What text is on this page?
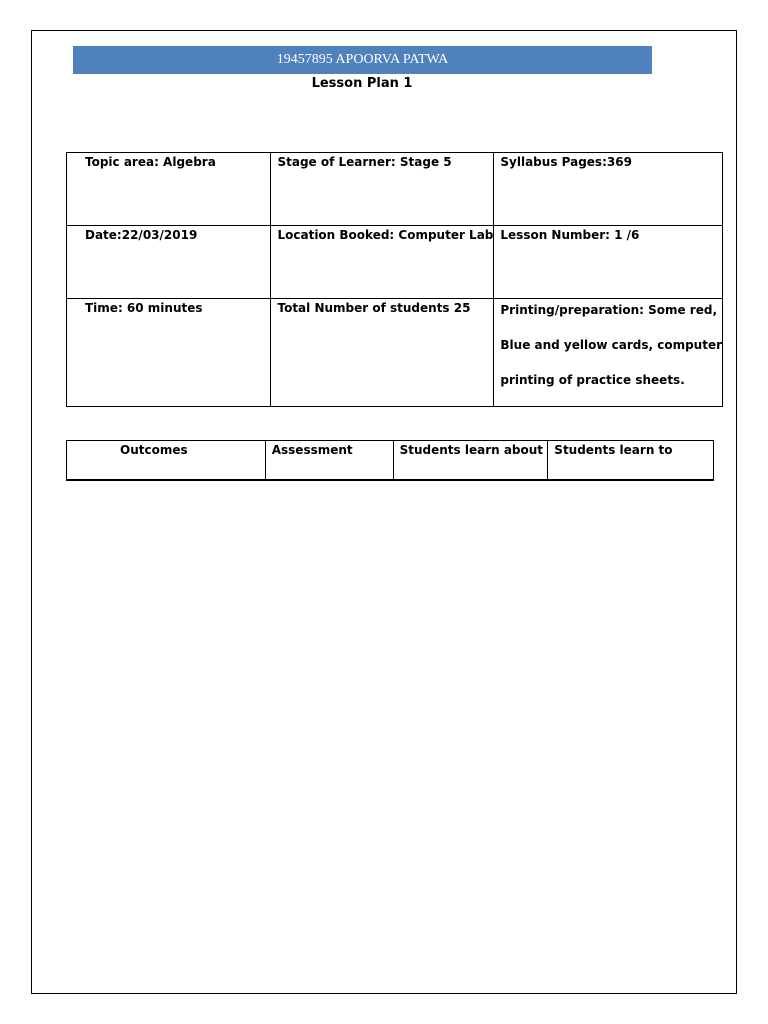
19457895 APOORVA PATWA
Lesson Plan 1
Topic area: Algebra	Stage of Learner: Stage 5	Syllabus Pages:369
Date:22/03/2019	Location Booked: Computer Lab	Lesson Number: 1 /6
Time: 60 minutes	Total Number of students 25	Printing/preparation: Some red,
Blue and yellow cards, computer
printing of practice sheets.
Outcomes	Assessment	Students learn about	Students learn to
